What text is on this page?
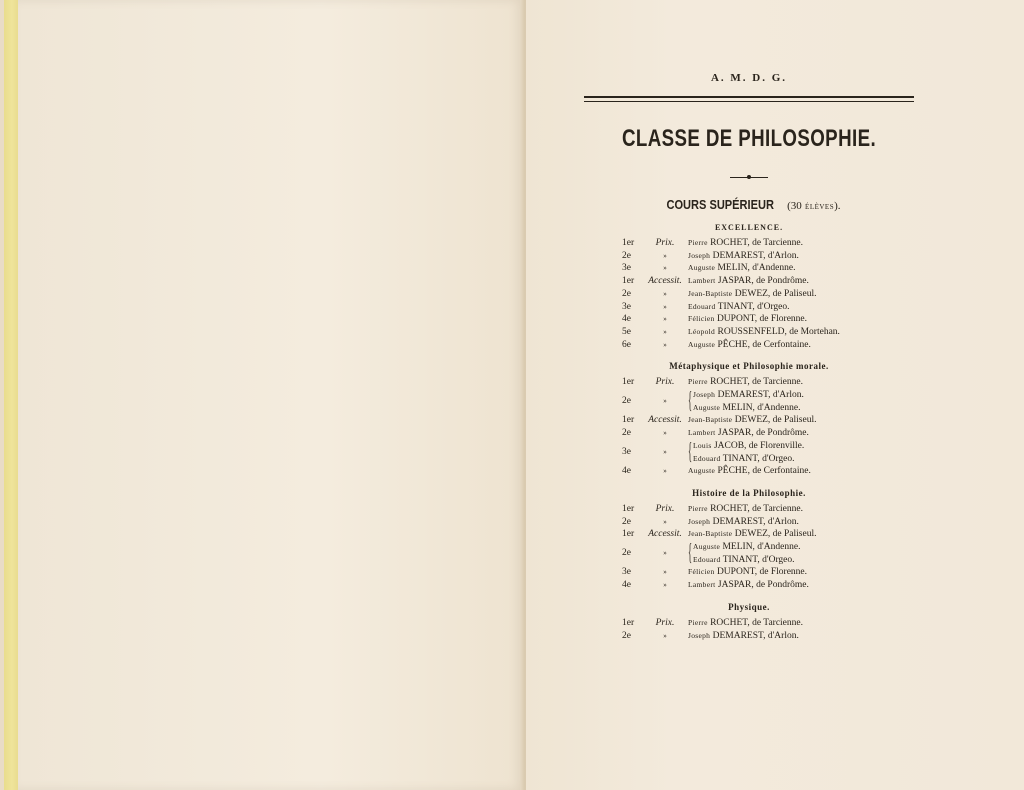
A. M. D. G.
CLASSE DE PHILOSOPHIE.
COURS SUPÉRIEUR (30 ÉLÈVES).
EXCELLENCE.
1er	Prix.	Pierre ROCHET, de Tarcienne.
2e	»	Joseph DEMAREST, d'Arlon.
3e	»	Auguste MELIN, d'Andenne.
1er	Accessit. Lambert JASPAR, de Pondrôme.
2e	»	Jean-Baptiste DEWEZ, de Paliseul.
3e	»	Edouard TINANT, d'Orgeo.
4e	»	Félicien DUPONT, de Florenne.
5e	»	Léopold ROUSSENFELD, de Mortehan.
6e	»	Auguste PÊCHE, de Cerfontaine.
Métaphysique et Philosophie morale.
1er	Prix.	Pierre ROCHET, de Tarcienne.
2e	» { Joseph DEMAREST, d'Arlon.
Auguste MELIN, d'Andenne.
1er	Accessit. Jean-Baptiste DEWEZ, de Paliseul.
2e	»	Lambert JASPAR, de Pondrôme.
3e	» { Louis JACOB, de Florenville.
Edouard TINANT, d'Orgeo.
4e	»	Auguste PÊCHE, de Cerfontaine.
Histoire de la Philosophie.
1er	Prix.	Pierre ROCHET, de Tarcienne.
2e	»	Joseph DEMAREST, d'Arlon.
1er	Accessit. Jean-Baptiste DEWEZ, de Paliseul.
2e	» { Auguste MELIN, d'Andenne.
Edouard TINANT, d'Orgeo.
3e	»	Félicien DUPONT, de Florenne.
4e	»	Lambert JASPAR, de Pondrôme.
Physique.
1er	Prix.	Pierre ROCHET, de Tarcienne.
2e	»	Joseph DEMAREST, d'Arlon.
